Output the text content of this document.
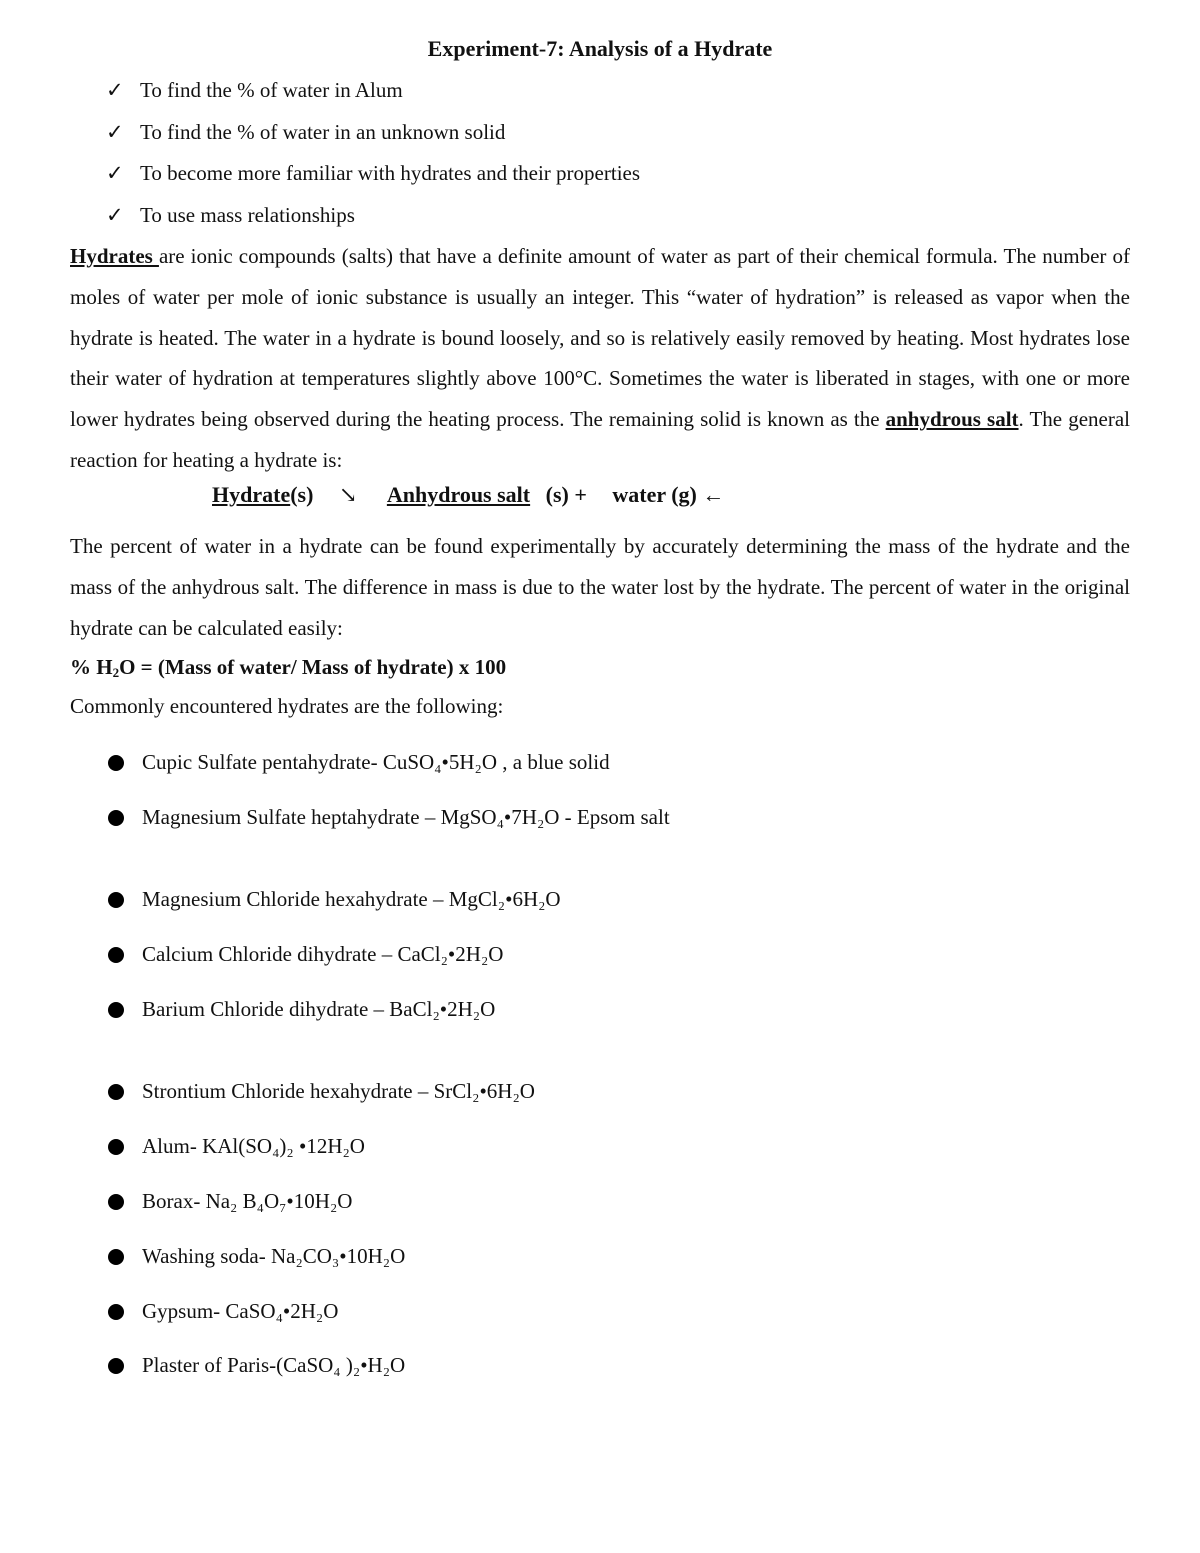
Experiment-7: Analysis of a Hydrate
✓ To find the % of water in Alum
✓ To find the % of water in an unknown solid
✓ To become more familiar with hydrates and their properties
✓ To use mass relationships

Hydrates are ionic compounds (salts) that have a definite amount of water as part of their chemical formula. The number of moles of water per mole of ionic substance is usually an integer. This “water of hydration” is released as vapor when the hydrate is heated. The water in a hydrate is bound loosely, and so is relatively easily removed by heating. Most hydrates lose their water of hydration at temperatures slightly above 100°C. Sometimes the water is liberated in stages, with one or more lower hydrates being observed during the heating process. The remaining solid is known as the anhydrous salt. The general reaction for heating a hydrate is:

Hydrate(s) ↘ Anhydrous salt (s) + water (g) ←

The percent of water in a hydrate can be found experimentally by accurately determining the mass of the hydrate and the mass of the anhydrous salt. The difference in mass is due to the water lost by the hydrate. The percent of water in the original hydrate can be calculated easily:

% $H_2O$ = (Mass of water/ Mass of hydrate) x 100
Commonly encountered hydrates are the following:
Cupic Sulfate pentahydrate- CuSO₄•5H₂O , a blue solid
Magnesium Sulfate heptahydrate – MgSO₄•7H₂O - Epsom salt
Magnesium Chloride hexahydrate – MgCl₂•6H₂O
Calcium Chloride dihydrate – CaCl₂•2H₂O
Barium Chloride dihydrate – BaCl₂•2H₂O
Strontium Chloride hexahydrate – SrCl₂•6H₂O
Alum- KAl(SO₄)₂ •12H₂O
Borax- Na₂ B₄O₇•10H₂O
Washing soda- Na₂CO₃•10H₂O
Gypsum- CaSO₄•2H₂O
Plaster of Paris-(CaSO₄ )₂•H₂O
